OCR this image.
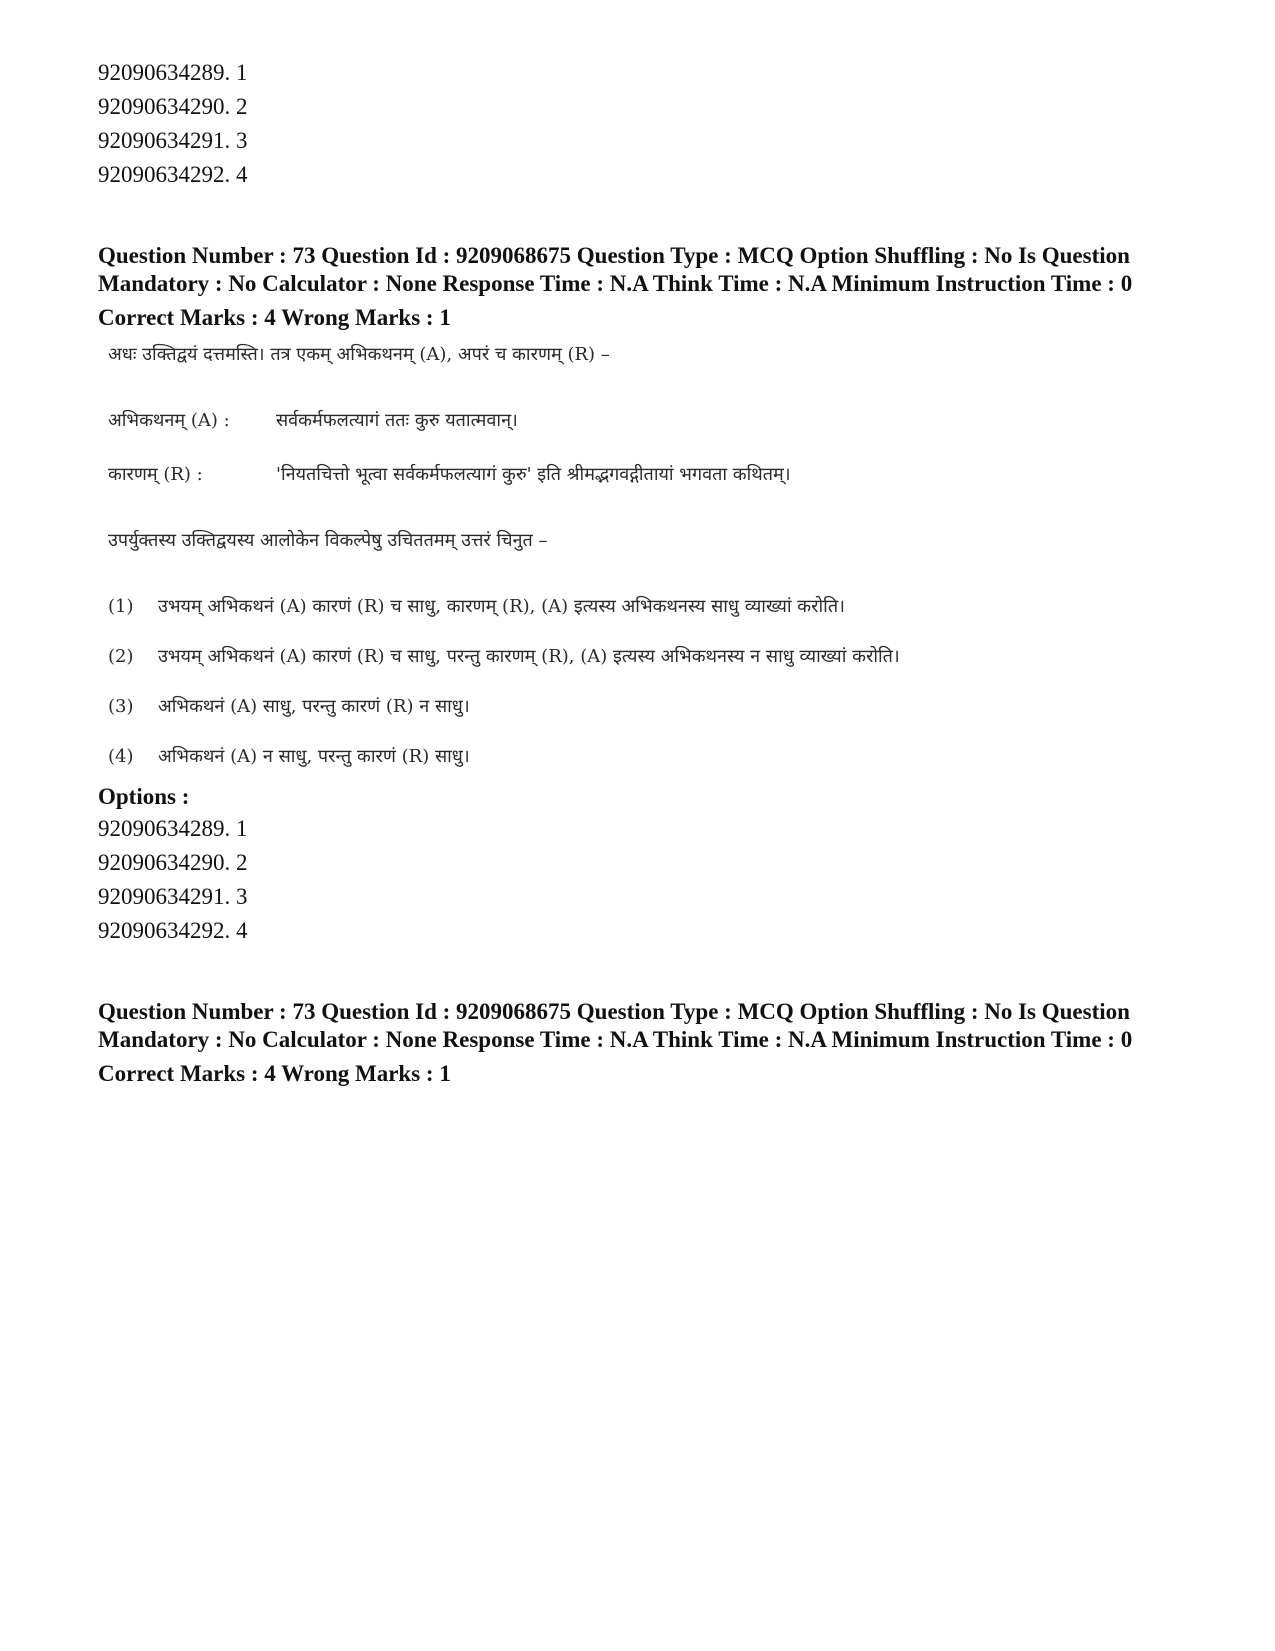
92090634289. 1
92090634290. 2
92090634291. 3
92090634292. 4
Question Number : 73 Question Id : 9209068675 Question Type : MCQ Option Shuffling : No Is Question Mandatory : No Calculator : None Response Time : N.A Think Time : N.A Minimum Instruction Time : 0
Correct Marks : 4 Wrong Marks : 1
अधः उक्तिद्वयं दत्तमस्ति। तत्र एकम् अभिकथनम् (A), अपरं च कारणम् (R) –
अभिकथनम् (A) :	सर्वकर्मफलत्यागं ततः कुरु यतात्मवान्।
कारणम् (R) :	'नियतचित्तो भूत्वा सर्वकर्मफलत्यागं कुरु' इति श्रीमद्भगवद्गीतायां भगवता कथितम्।
उपर्युक्तस्य उक्तिद्वयस्य आलोकेन विकल्पेषु उचिततमम् उत्तरं चिनुत –
(1)	उभयम् अभिकथनं (A) कारणं (R) च साधु, कारणम् (R), (A) इत्यस्य अभिकथनस्य साधु व्याख्यां करोति।
(2)	उभयम् अभिकथनं (A) कारणं (R) च साधु, परन्तु कारणम् (R), (A) इत्यस्य अभिकथनस्य न साधु व्याख्यां करोति।
(3)	अभिकथनं (A) साधु, परन्तु कारणं (R) न साधु।
(4)	अभिकथनं (A) न साधु, परन्तु कारणं (R) साधु।
Options :
92090634289. 1
92090634290. 2
92090634291. 3
92090634292. 4
Question Number : 73 Question Id : 9209068675 Question Type : MCQ Option Shuffling : No Is Question Mandatory : No Calculator : None Response Time : N.A Think Time : N.A Minimum Instruction Time : 0
Correct Marks : 4 Wrong Marks : 1
